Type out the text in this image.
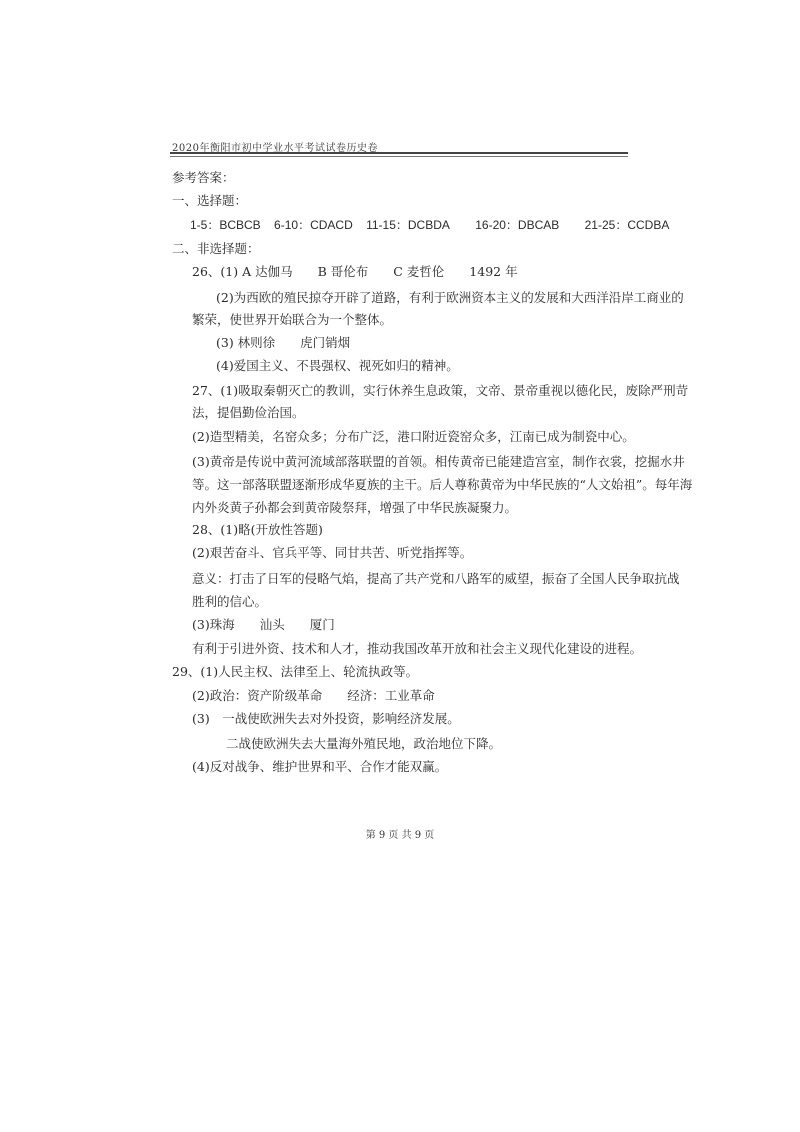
2020年衡阳市初中学业水平考试试卷历史卷
参考答案：
一、选择题：
1-5：BCBCB 6-10：CDACD 11-15：DCBDA 16-20：DBCAB 21-25：CCDBA
二、非选择题：
26、(1) A 达伽马　　B 哥伦布　　C 麦哲伦　　1492 年
(2)为西欧的殖民掠夺开辟了道路，有利于欧洲资本主义的发展和大西洋沿岸工商业的
繁荣，使世界开始联合为一个整体。
(3) 林则徐　　虎门销烟
(4)爱国主义、不畏强权、视死如归的精神。
27、(1)吸取秦朝灭亡的教训，实行休养生息政策，文帝、景帝重视以德化民，废除严刑苛
法，提倡勤俭治国。
(2)造型精美，名窑众多；分布广泛，港口附近瓷窑众多，江南已成为制瓷中心。
(3)黄帝是传说中黄河流域部落联盟的首领。相传黄帝已能建造宫室，制作衣裳，挖掘水井
等。这一部落联盟逐渐形成华夏族的主干。后人尊称黄帝为中华民族的“人文始祖”。每年海
内外炎黄子孙都会到黄帝陵祭拜，增强了中华民族凝聚力。
28、(1)略(开放性答题)
(2)艰苦奋斗、官兵平等、同甘共苦、听党指挥等。
意义：打击了日军的侵略气焰，提高了共产党和八路军的威望，振奋了全国人民争取抗战
胜利的信心。
(3)珠海　　汕头　　厦门
有利于引进外资、技术和人才，推动我国改革开放和社会主义现代化建设的进程。
29、(1)人民主权、法律至上、轮流执政等。
(2)政治：资产阶级革命　　经济：工业革命
(3)　一战使欧洲失去对外投资，影响经济发展。
二战使欧洲失去大量海外殖民地，政治地位下降。
(4)反对战争、维护世界和平、合作才能双赢。
第 9 页 共 9 页
